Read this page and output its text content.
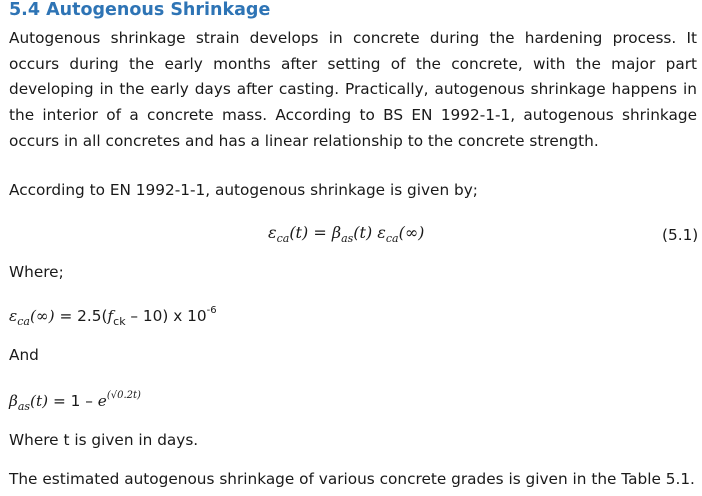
5.4 Autogenous Shrinkage

Autogenous shrinkage strain develops in concrete during the hardening process. It occurs during the early months after setting of the concrete, with the major part developing in the early days after casting. Practically, autogenous shrinkage happens in the interior of a concrete mass. According to BS EN 1992-1-1, autogenous shrinkage occurs in all concretes and has a linear relationship to the concrete strength.

According to EN 1992-1-1, autogenous shrinkage is given by;
$\varepsilon_{ca}(t) = \beta_{as}(t)$ $\varepsilon_{ca}(\infty)$	(5.1)
Where;
$\varepsilon_{ca}(\infty) = 2.5(f_{ck} - 10)$ x $10^{-6}$
And
$\beta_{as}(t) = 1 - e^{(√0.2t)}$
Where t is given in days.
The estimated autogenous shrinkage of various concrete grades is given in the Table 5.1.
